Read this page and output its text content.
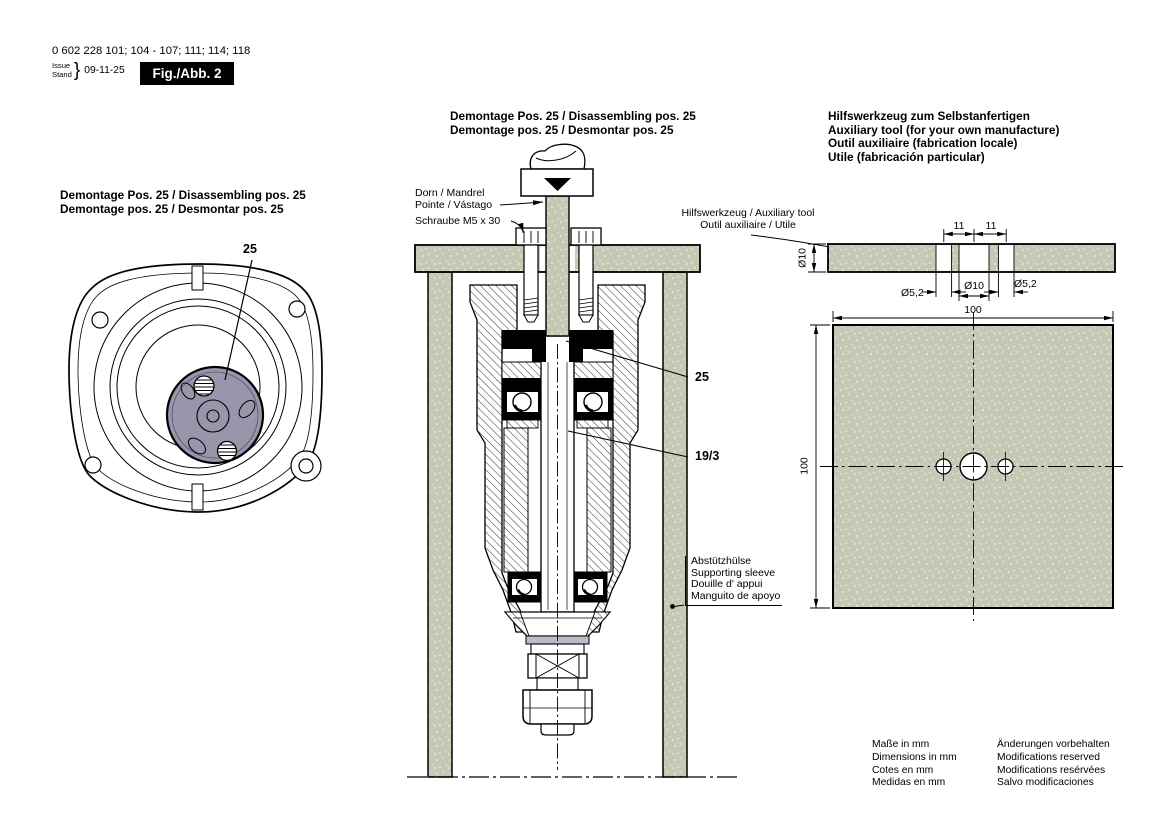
0 602 228 101; 104 - 107; 111; 114; 118
Issue
Stand } 09-11-25	Fig./Abb. 2
Demontage Pos. 25 / Disassembling pos. 25
Demontage pos. 25 / Desmontar pos. 25
25
Demontage Pos. 25 / Disassembling pos. 25
Demontage pos. 25 / Desmontar pos. 25
Hilfswerkzeug zum Selbstanfertigen
Auxiliary tool (for your own manufacture)
Outil auxiliaire (fabrication locale)
Utile (fabricación particular)
Dorn / Mandrel
Pointe / Vástago
Schraube M5 x 30
Hilfswerkzeug / Auxiliary tool
Outil auxiliaire / Utile
25
19/3
Abstützhülse
Supporting sleeve
Douille d' appui
Manguito de apoyo
11 11
Ø10
Ø5,2
Ø10	Ø5,2
100
100
Maße in mm
Dimensions in mm
Cotes en mm
Medidas en mm
Änderungen vorbehalten
Modifications reserved
Modifications resérvées
Salvo modificaciones
